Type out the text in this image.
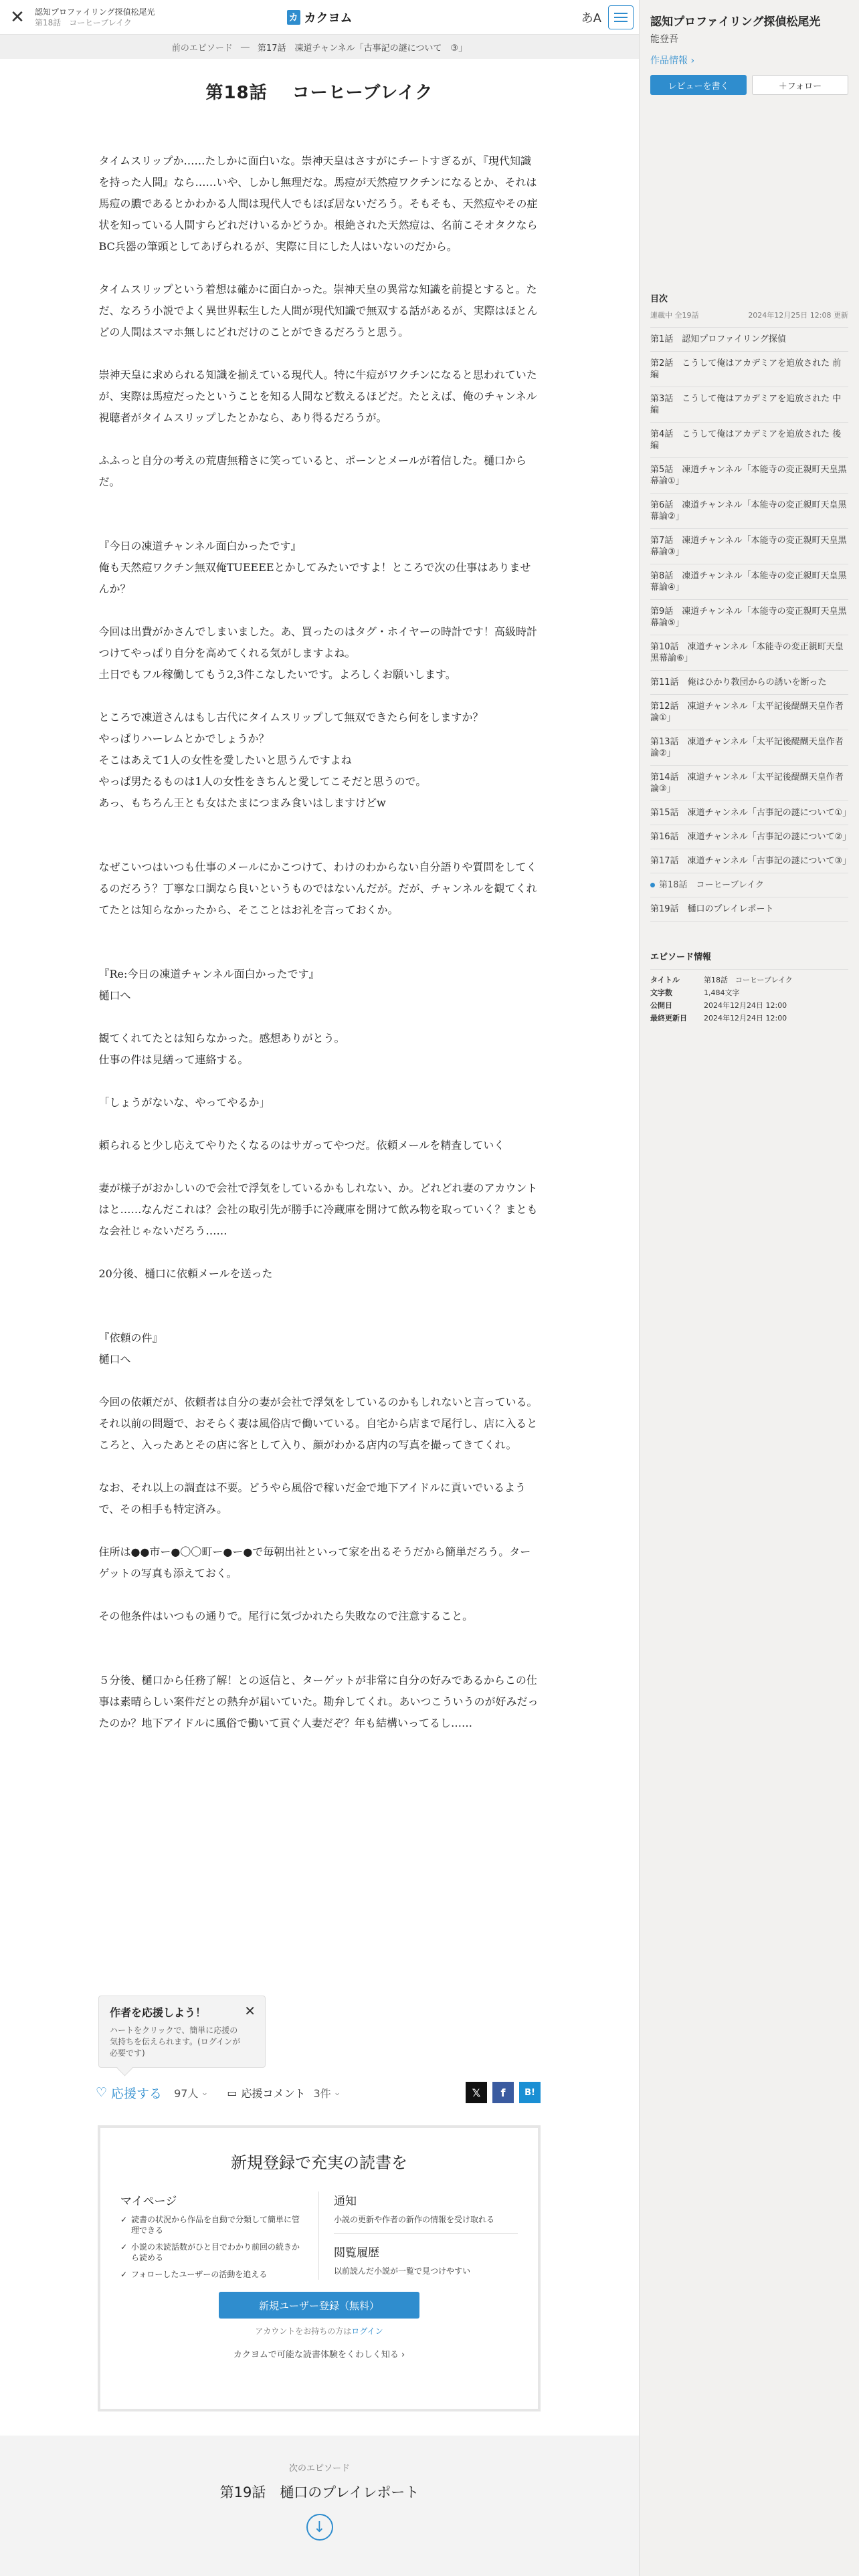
✕	認知プロファイリング探偵松尾光
第18話　コーヒーブレイク	カ カクヨム	あA
前のエピソード ― 第17話　凍道チャンネル「古事記の謎について　③」
第18話　 コーヒーブレイク

タイムスリップか……たしかに面白いな。崇神天皇はさすがにチートすぎるが、『現代知識を持った人間』なら……いや、しかし無理だな。馬痘が天然痘ワクチンになるとか、それは馬痘の膿であるとかわかる人間は現代人でもほぼ居ないだろう。そもそも、天然痘やその症状を知っている人間すらどれだけいるかどうか。根絶された天然痘は、名前こそオタクならBC兵器の筆頭としてあげられるが、実際に目にした人はいないのだから。

タイムスリップという着想は確かに面白かった。崇神天皇の異常な知識を前提とすると。ただ、なろう小説でよく異世界転生した人間が現代知識で無双する話があるが、実際はほとんどの人間はスマホ無しにどれだけのことができるだろうと思う。

崇神天皇に求められる知識を揃えている現代人。特に牛痘がワクチンになると思われていたが、実際は馬痘だったということを知る人間など数えるほどだ。たとえば、俺のチャンネル視聴者がタイムスリップしたとかなら、あり得るだろうが。

ふふっと自分の考えの荒唐無稽さに笑っていると、ポーンとメールが着信した。樋口からだ。

『今日の凍道チャンネル面白かったです』

俺も天然痘ワクチン無双俺TUEEEEとかしてみたいですよ！ところで次の仕事はありませんか？

今回は出費がかさんでしまいました。あ、買ったのはタグ・ホイヤーの時計です！高級時計つけてやっぱり自分を高めてくれる気がしますよね。

土日でもフル稼働してもう2,3件こなしたいです。よろしくお願いします。

ところで凍道さんはもし古代にタイムスリップして無双できたら何をしますか？

やっぱりハーレムとかでしょうか？

そこはあえて1人の女性を愛したいと思うんですよね

やっぱ男たるものは1人の女性をきちんと愛してこそだと思うので。

あっ、もちろん王とも女はたまにつまみ食いはしますけどw

なぜこいつはいつも仕事のメールにかこつけて、わけのわからない自分語りや質問をしてくるのだろう？丁寧な口調なら良いというものではないんだが。だが、チャンネルを観てくれてたとは知らなかったから、そこことはお礼を言っておくか。

『Re:今日の凍道チャンネル面白かったです』

樋口へ

観てくれてたとは知らなかった。感想ありがとう。

仕事の件は見繕って連絡する。

「しょうがないな、やってやるか」

頼られると少し応えてやりたくなるのはサガってやつだ。依頼メールを精査していく

妻が様子がおかしいので会社で浮気をしているかもしれない、か。どれどれ妻のアカウントはと……なんだこれは？会社の取引先が勝手に冷蔵庫を開けて飲み物を取っていく？まともな会社じゃないだろう……

20分後、樋口に依頼メールを送った

『依頼の件』

樋口へ

今回の依頼だが、依頼者は自分の妻が会社で浮気をしているのかもしれないと言っている。それ以前の問題で、おそらく妻は風俗店で働いている。自宅から店まで尾行し、店に入るところと、入ったあとその店に客として入り、顔がわかる店内の写真を撮ってきてくれ。

なお、それ以上の調査は不要。どうやら風俗で稼いだ金で地下アイドルに貢いでいるようで、その相手も特定済み。

住所は●●市ー●〇〇町ー●ー●で毎朝出社といって家を出るそうだから簡単だろう。ターゲットの写真も添えておく。

その他条件はいつもの通りで。尾行に気づかれたら失敗なので注意すること。

５分後、樋口から任務了解！との返信と、ターゲットが非常に自分の好みであるからこの仕事は素晴らしい案件だとの熱弁が届いていた。勘弁してくれ。あいつこういうのが好みだったのか？地下アイドルに風俗で働いて貢ぐ人妻だぞ？年も結構いってるし……

作者を応援しよう！
ハートをクリックで、簡単に応援の気持ちを伝えられます。(ログインが必要です)
✕
♡ 応援する 97人 ⌄ ▭ 応援コメント 3件 ⌄	𝕏	f	B!
新規登録で充実の読書を
マイページ
✓ 読書の状況から作品を自動で分類して簡単に管理できる
✓ 小説の未読話数がひと目でわかり前回の続きから読める
✓ フォローしたユーザーの活動を追える
通知
小説の更新や作者の新作の情報を受け取れる
閲覧履歴
以前読んだ小説が一覧で見つけやすい
新規ユーザー登録（無料）
アカウントをお持ちの方はログイン
カクヨムで可能な読書体験をくわしく知る ›
次のエピソード
第19話　樋口のプレイレポート
↓
認知プロファイリング探偵松尾光
能登吾
作品情報 ›
レビューを書く	＋フォロー
目次
連載中 全19話	2024年12月25日 12:08 更新
第1話　認知プロファイリング探偵
第2話　こうして俺はアカデミアを追放された 前編
第3話　こうして俺はアカデミアを追放された 中編
第4話　こうして俺はアカデミアを追放された 後編
第5話　凍道チャンネル「本能寺の変正親町天皇黒幕論①」
第6話　凍道チャンネル「本能寺の変正親町天皇黒幕論②」
第7話　凍道チャンネル「本能寺の変正親町天皇黒幕論③」
第8話　凍道チャンネル「本能寺の変正親町天皇黒幕論④」
第9話　凍道チャンネル「本能寺の変正親町天皇黒幕論⑤」
第10話　凍道チャンネル「本能寺の変正親町天皇黒幕論⑥」
第11話　俺はひかり教団からの誘いを断った
第12話　凍道チャンネル「太平記後醍醐天皇作者論①」
第13話　凍道チャンネル「太平記後醍醐天皇作者論②」
第14話　凍道チャンネル「太平記後醍醐天皇作者論③」
第15話　凍道チャンネル「古事記の謎について①」
第16話　凍道チャンネル「古事記の謎について②」
第17話　凍道チャンネル「古事記の謎について③」
第18話　コーヒーブレイク
第19話　樋口のプレイレポート
エピソード情報
タイトル	第18話　コーヒーブレイク
文字数	1,484文字
公開日	2024年12月24日 12:00
最終更新日	2024年12月24日 12:00
